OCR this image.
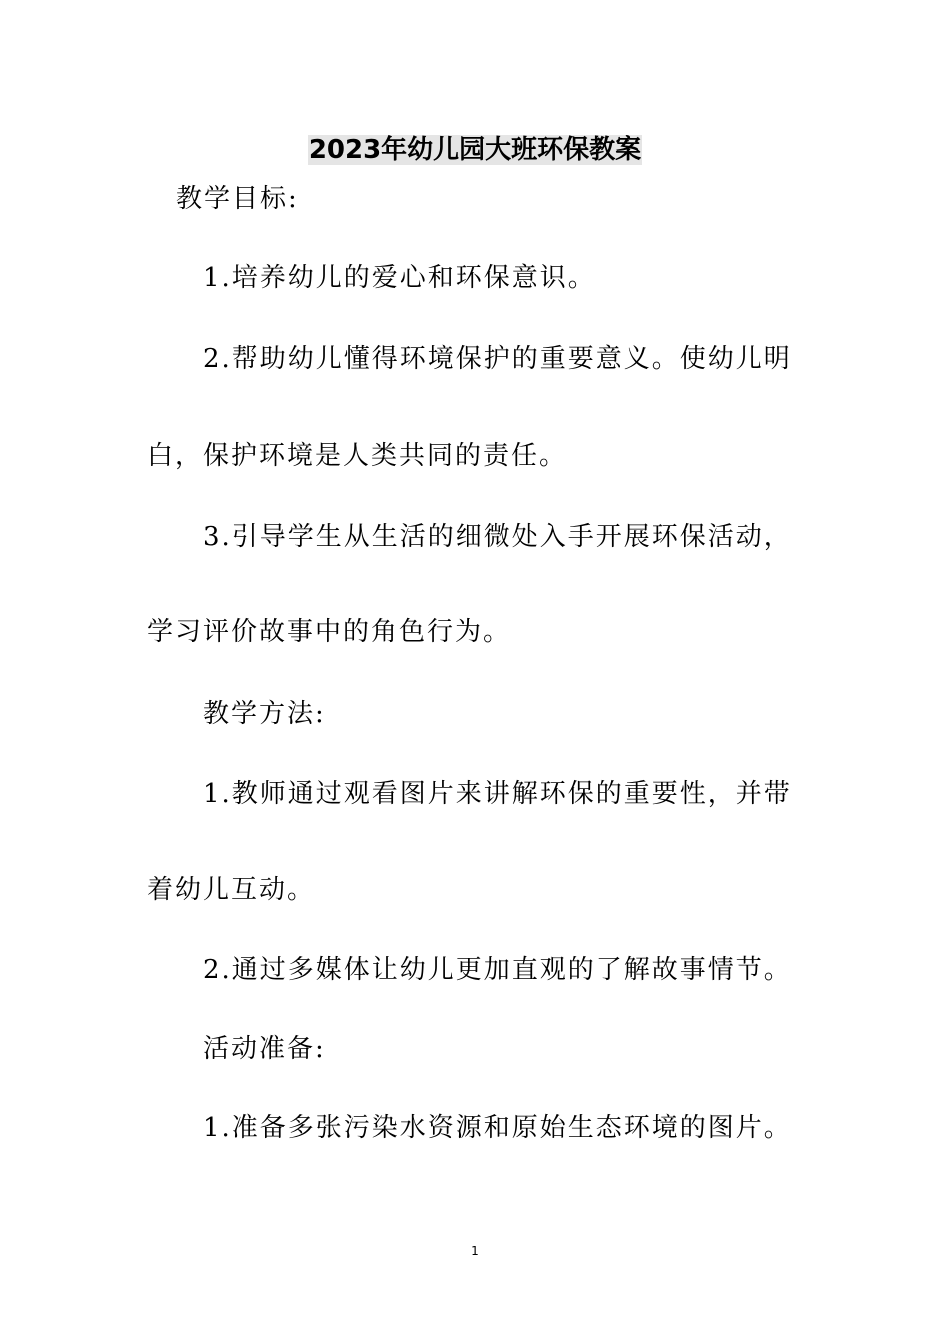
2023年幼儿园大班环保教案
教学目标:
1.培养幼儿的爱心和环保意识。
2.帮助幼儿懂得环境保护的重要意义。使幼儿明
白，保护环境是人类共同的责任。
3.引导学生从生活的细微处入手开展环保活动，
学习评价故事中的角色行为。
教学方法:
1.教师通过观看图片来讲解环保的重要性，并带
着幼儿互动。
2.通过多媒体让幼儿更加直观的了解故事情节。
活动准备:
1.准备多张污染水资源和原始生态环境的图片。
1
